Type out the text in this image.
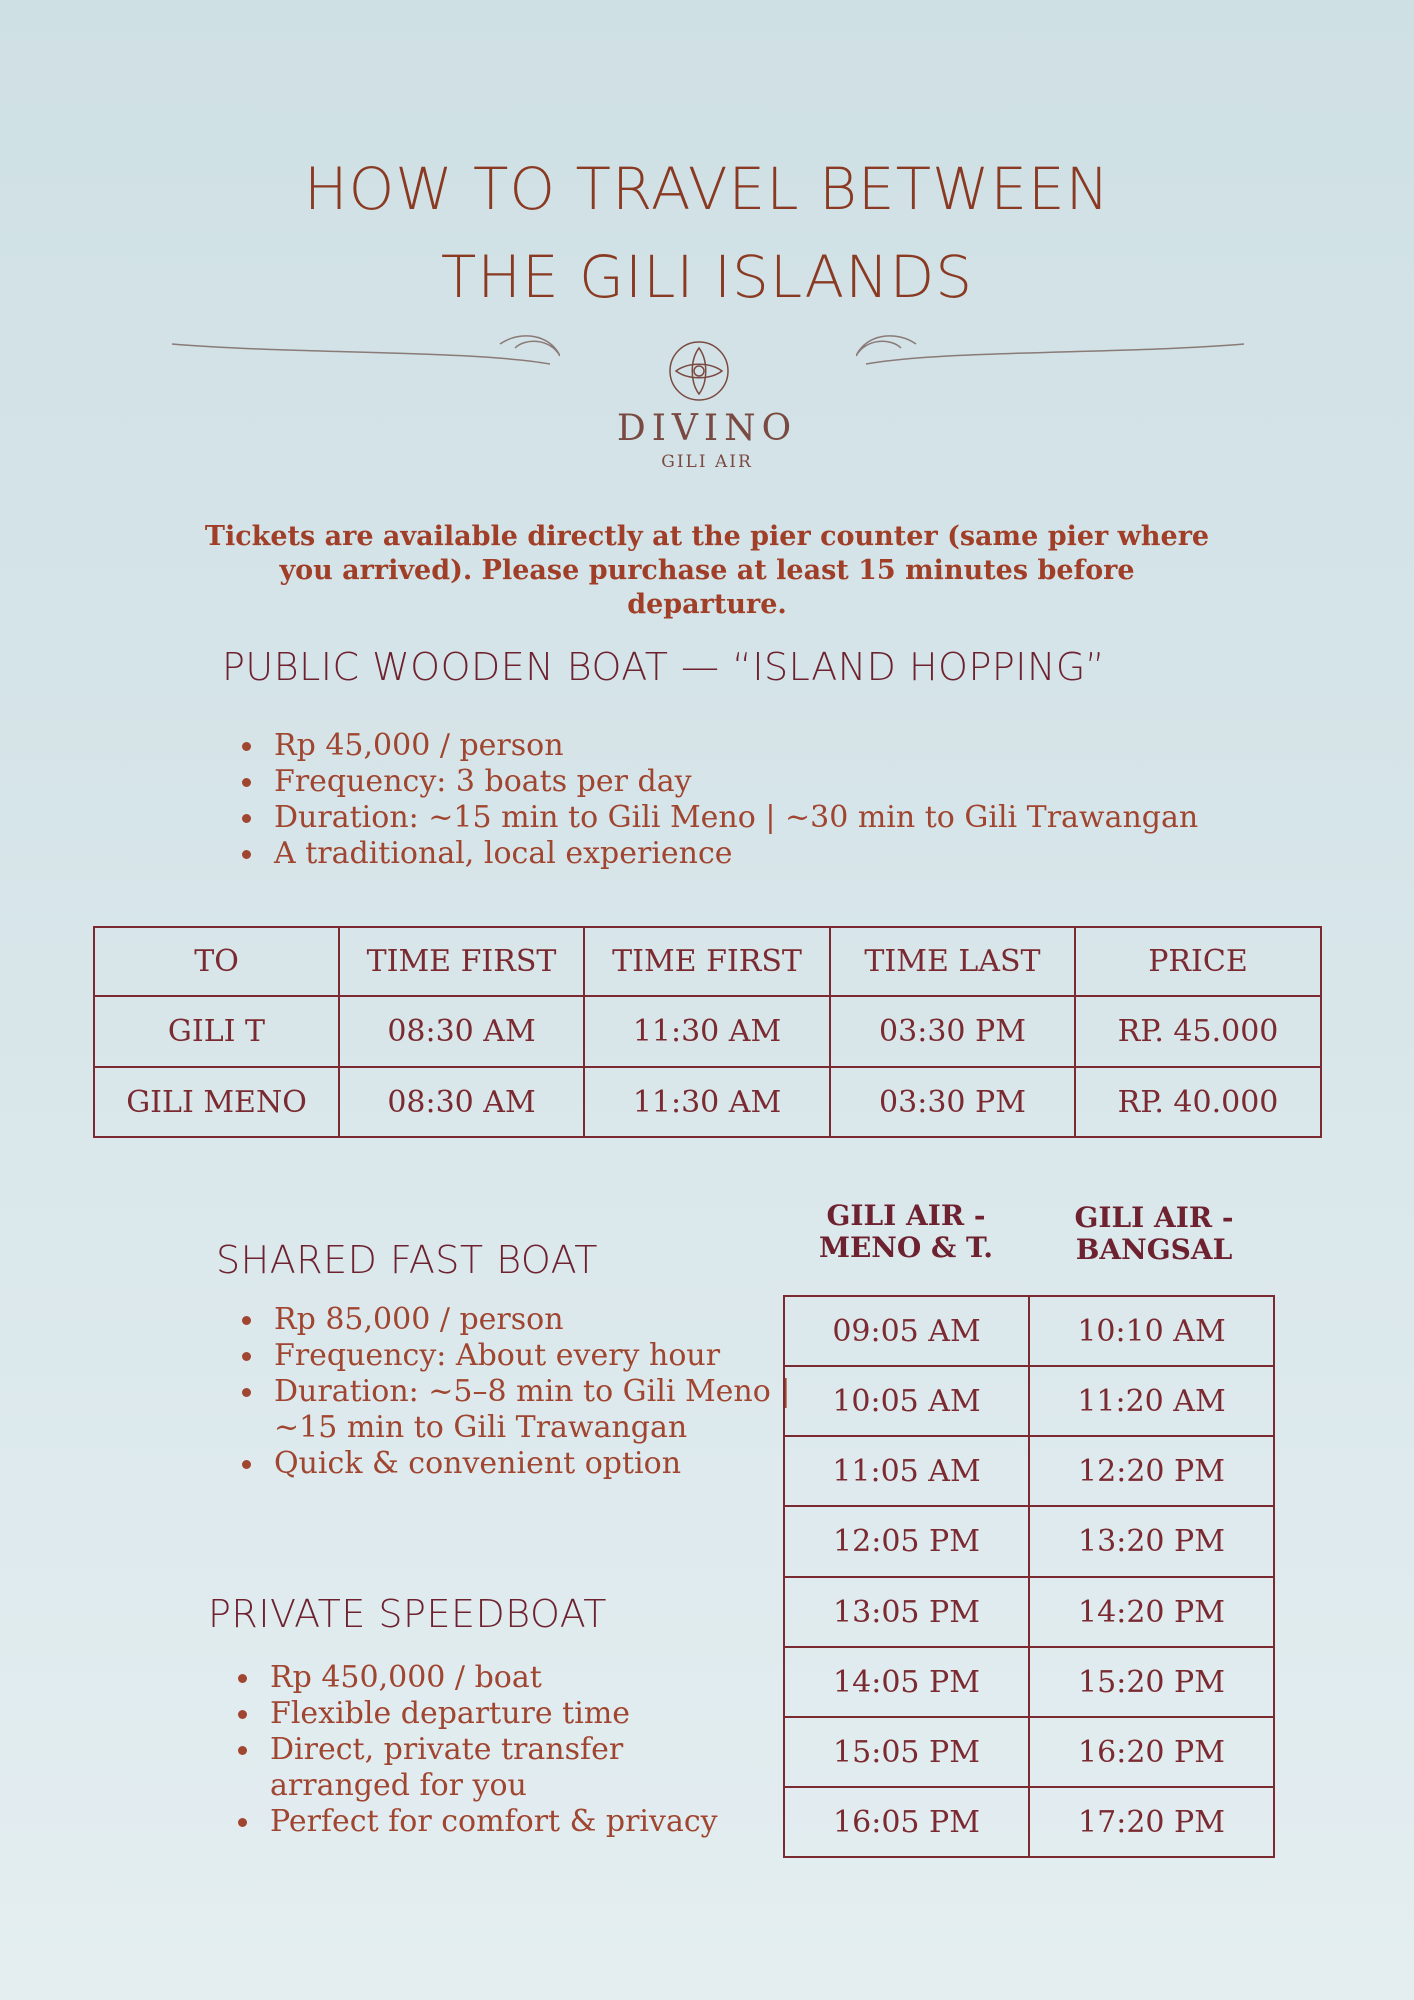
HOW TO TRAVEL BETWEEN
THE GILI ISLANDS
DIVINO
GILI AIR
Tickets are available directly at the pier counter (same pier where
you arrived). Please purchase at least 15 minutes before departure.
PUBLIC WOODEN BOAT — “ISLAND HOPPING”
Rp 45,000 / person
Frequency: 3 boats per day
Duration: ~15 min to Gili Meno | ~30 min to Gili Trawangan
A traditional, local experience
TO	TIME FIRST	TIME FIRST	TIME LAST	PRICE
GILI T	08:30 AM	11:30 AM	03:30 PM	RP. 45.000
GILI MENO	08:30 AM	11:30 AM	03:30 PM	RP. 40.000
SHARED FAST BOAT
Rp 85,000 / person
Frequency: About every hour
Duration: ~5–8 min to Gili Meno |
~15 min to Gili Trawangan
Quick & convenient option
PRIVATE SPEEDBOAT
Rp 450,000 / boat
Flexible departure time
Direct, private transfer
arranged for you
Perfect for comfort & privacy
GILI AIR -
MENO & T.
GILI AIR -
BANGSAL
09:05 AM	10:10 AM
10:05 AM	11:20 AM
11:05 AM	12:20 PM
12:05 PM	13:20 PM
13:05 PM	14:20 PM
14:05 PM	15:20 PM
15:05 PM	16:20 PM
16:05 PM	17:20 PM
